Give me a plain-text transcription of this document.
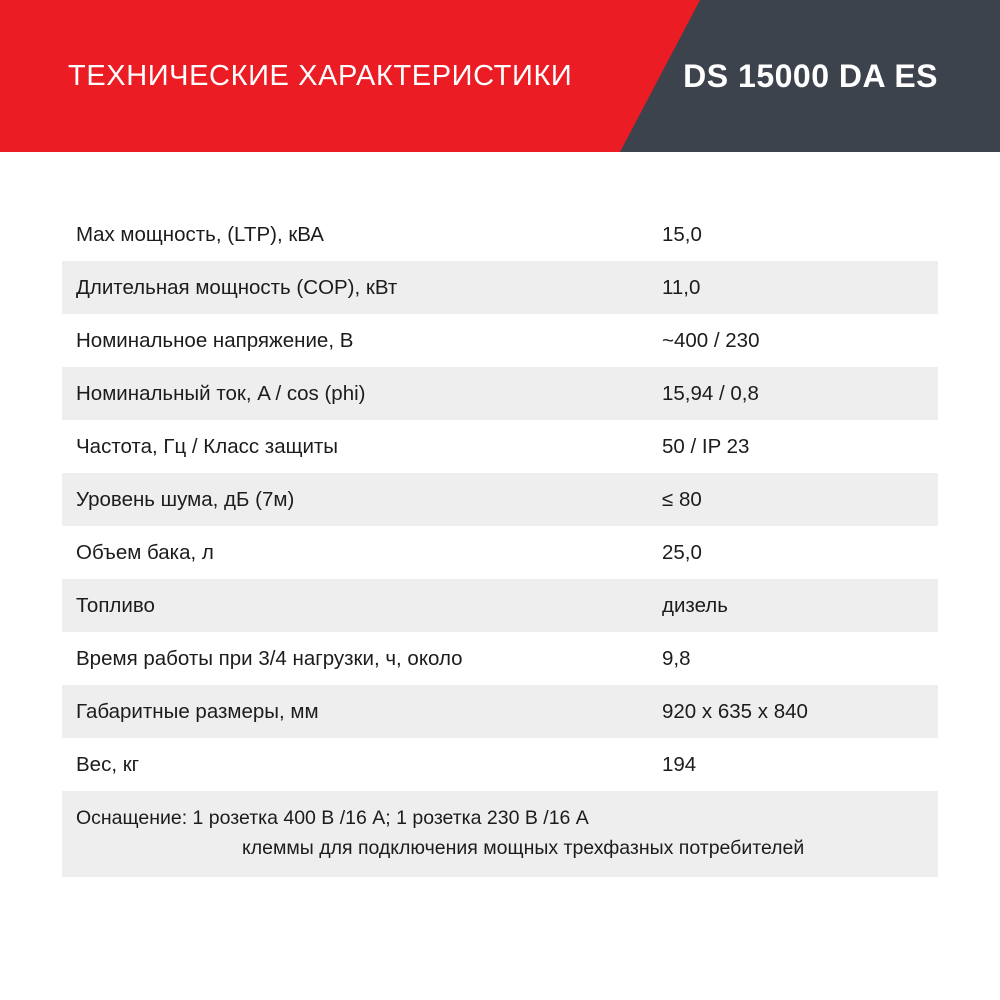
ТЕХНИЧЕСКИЕ ХАРАКТЕРИСТИКИ	DS 15000 DA ES
Max мощность, (LTP), кВА	15,0
Длительная мощность (COP), кВт	11,0
Номинальное напряжение, В	~400 / 230
Номинальный ток, A / cos (phi)	15,94 / 0,8
Частота, Гц / Класс защиты	50 / IP 23
Уровень шума, дБ (7м)	≤ 80
Объем бака, л	25,0
Топливо	дизель
Время работы при 3/4 нагрузки, ч, около	9,8
Габаритные размеры, мм	920 x 635 x 840
Вес, кг	194
Оснащение: 1 розетка 400 В /16 А; 1 розетка 230 В /16 А
клеммы для подключения мощных трехфазных потребителей
